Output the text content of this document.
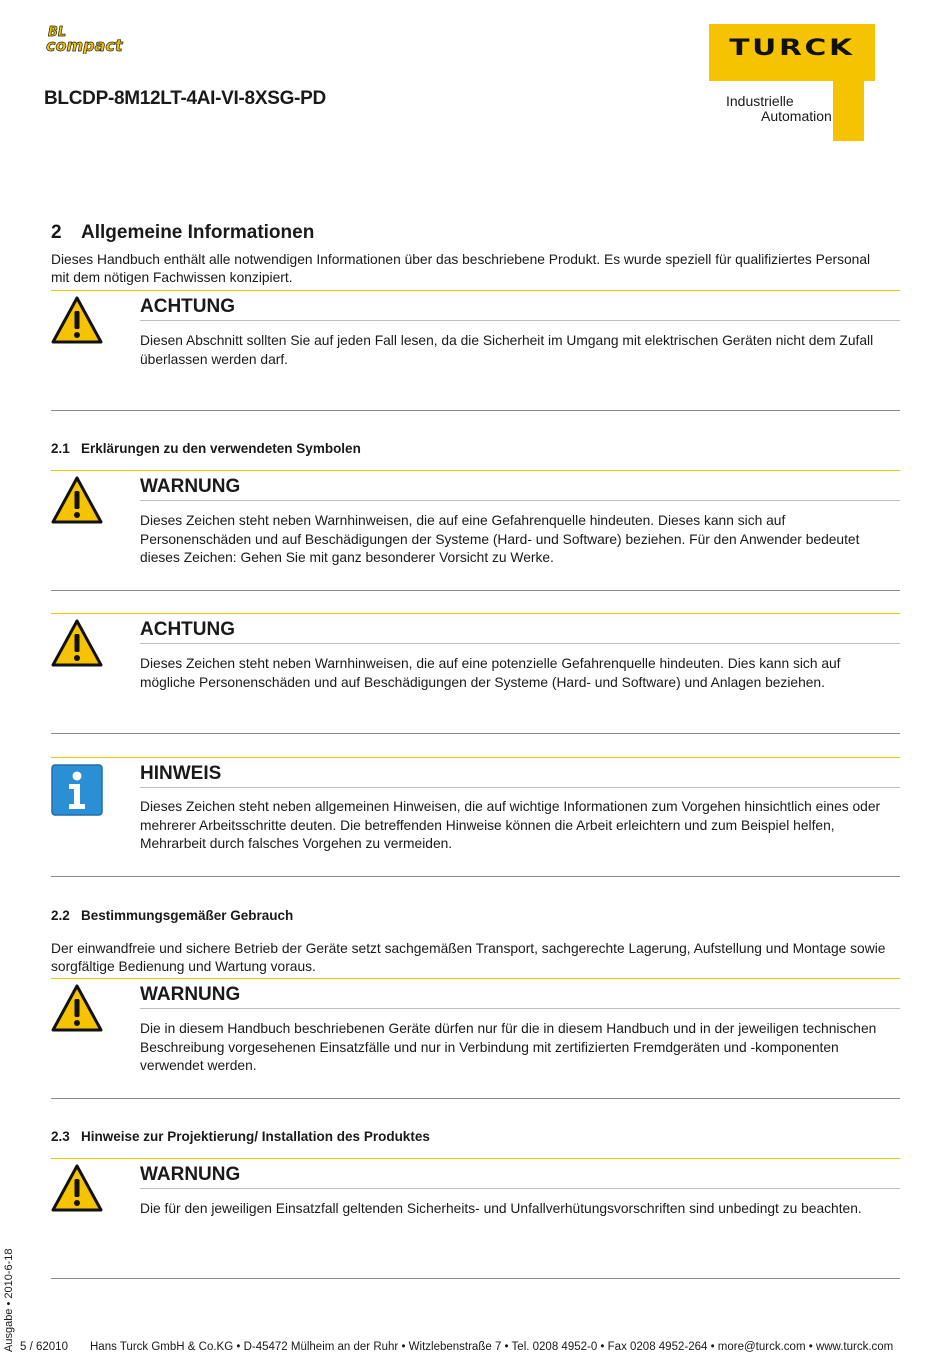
BL
compact
BLCDP-8M12LT-4AI-VI-8XSG-PD
TURCK
Industrielle
Automation
2 Allgemeine Informationen
Dieses Handbuch enthält alle notwendigen Informationen über das beschriebene Produkt. Es wurde speziell für qualifiziertes Personal mit dem nötigen Fachwissen konzipiert.
ACHTUNG
Diesen Abschnitt sollten Sie auf jeden Fall lesen, da die Sicherheit im Umgang mit elektrischen Geräten nicht dem Zufall überlassen werden darf.
2.1 Erklärungen zu den verwendeten Symbolen
WARNUNG
Dieses Zeichen steht neben Warnhinweisen, die auf eine Gefahrenquelle hindeuten. Dieses kann sich auf Personenschäden und auf Beschädigungen der Systeme (Hard- und Software) beziehen. Für den Anwender bedeutet dieses Zeichen: Gehen Sie mit ganz besonderer Vorsicht zu Werke.
ACHTUNG
Dieses Zeichen steht neben Warnhinweisen, die auf eine potenzielle Gefahrenquelle hindeuten. Dies kann sich auf mögliche Personenschäden und auf Beschädigungen der Systeme (Hard- und Software) und Anlagen beziehen.
HINWEIS
Dieses Zeichen steht neben allgemeinen Hinweisen, die auf wichtige Informationen zum Vorgehen hinsichtlich eines oder mehrerer Arbeitsschritte deuten. Die betreffenden Hinweise können die Arbeit erleichtern und zum Beispiel helfen, Mehrarbeit durch falsches Vorgehen zu vermeiden.
2.2 Bestimmungsgemäßer Gebrauch
Der einwandfreie und sichere Betrieb der Geräte setzt sachgemäßen Transport, sachgerechte Lagerung, Aufstellung und Montage sowie sorgfältige Bedienung und Wartung voraus.
WARNUNG
Die in diesem Handbuch beschriebenen Geräte dürfen nur für die in diesem Handbuch und in der jeweiligen technischen Beschreibung vorgesehenen Einsatzfälle und nur in Verbindung mit zertifizierten Fremdgeräten und -komponenten verwendet werden.
2.3 Hinweise zur Projektierung/ Installation des Produktes
WARNUNG
Die für den jeweiligen Einsatzfall geltenden Sicherheits- und Unfallverhütungsvorschriften sind unbedingt zu beachten.
Ausgabe • 2010-6-18 5 / 62010 Hans Turck GmbH & Co.KG • D-45472 Mülheim an der Ruhr • Witzlebenstraße 7 • Tel. 0208 4952-0 • Fax 0208 4952-264 • more@turck.com • www.turck.com
